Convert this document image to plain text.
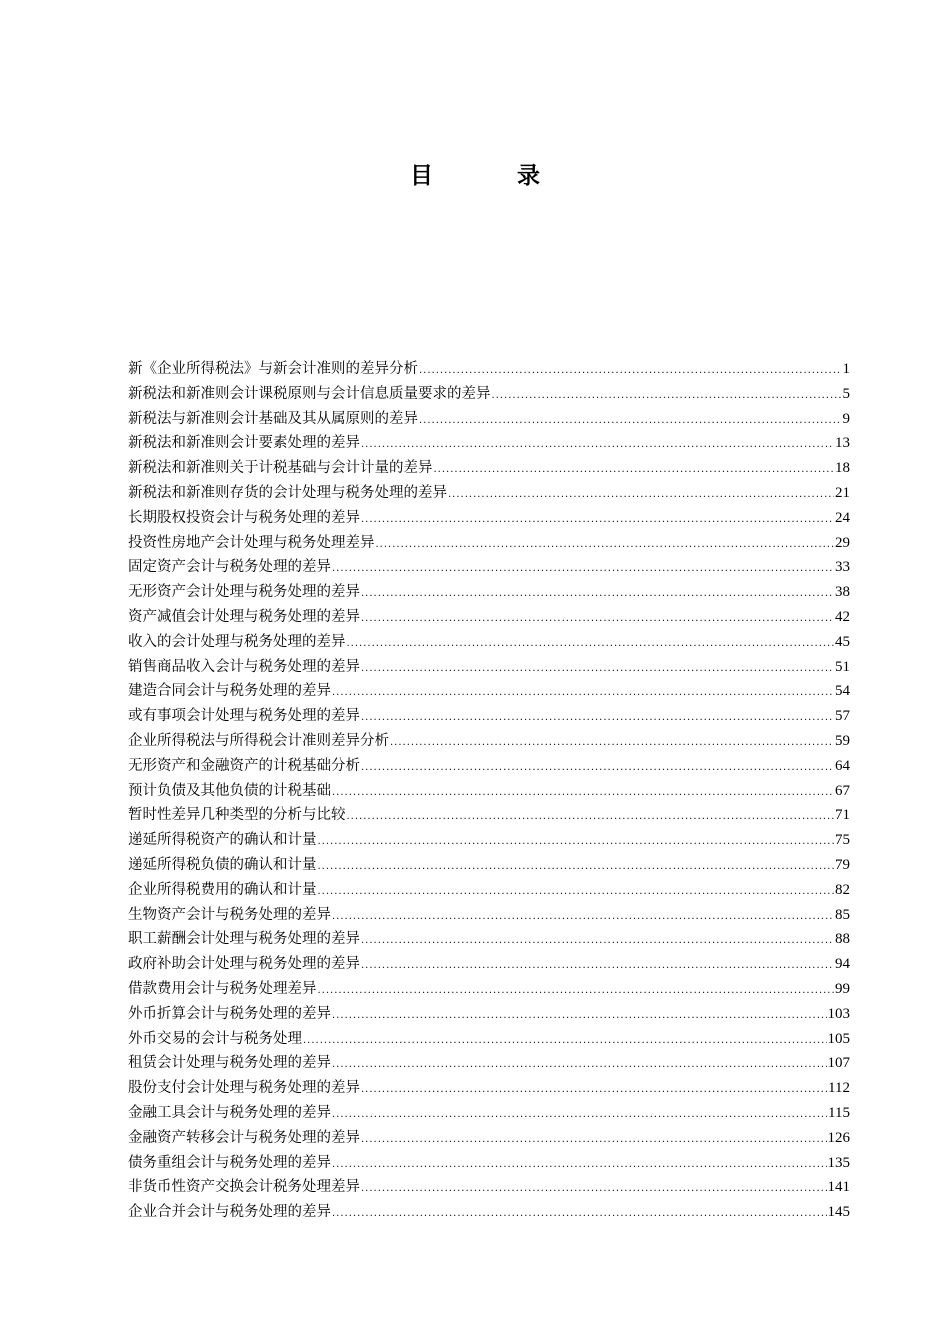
目 录
新《企业所得税法》与新会计准则的差异分析 .....	1
新税法和新准则会计课税原则与会计信息质量要求的差异 .....	5
新税法与新准则会计基础及其从属原则的差异 .....	9
新税法和新准则会计要素处理的差异 .....	13
新税法和新准则关于计税基础与会计计量的差异 .....	18
新税法和新准则存货的会计处理与税务处理的差异 .....	21
长期股权投资会计与税务处理的差异 .....	24
投资性房地产会计处理与税务处理差异 .....	29
固定资产会计与税务处理的差异 .....	33
无形资产会计处理与税务处理的差异 .....	38
资产减值会计处理与税务处理的差异 .....	42
收入的会计处理与税务处理的差异 .....	45
销售商品收入会计与税务处理的差异 .....	51
建造合同会计与税务处理的差异 .....	54
或有事项会计处理与税务处理的差异 .....	57
企业所得税法与所得税会计准则差异分析 .....	59
无形资产和金融资产的计税基础分析 .....	64
预计负债及其他负债的计税基础 .....	67
暂时性差异几种类型的分析与比较 .....	71
递延所得税资产的确认和计量 .....	75
递延所得税负债的确认和计量 .....	79
企业所得税费用的确认和计量 .....	82
生物资产会计与税务处理的差异 .....	85
职工薪酬会计处理与税务处理的差异 .....	88
政府补助会计处理与税务处理的差异 .....	94
借款费用会计与税务处理差异 .....	99
外币折算会计与税务处理的差异 .....	103
外币交易的会计与税务处理 .....	105
租赁会计处理与税务处理的差异 .....	107
股份支付会计处理与税务处理的差异 .....	112
金融工具会计与税务处理的差异 .....	115
金融资产转移会计与税务处理的差异 .....	126
债务重组会计与税务处理的差异 .....	135
非货币性资产交换会计税务处理差异 .....	141
企业合并会计与税务处理的差异 .....	145
